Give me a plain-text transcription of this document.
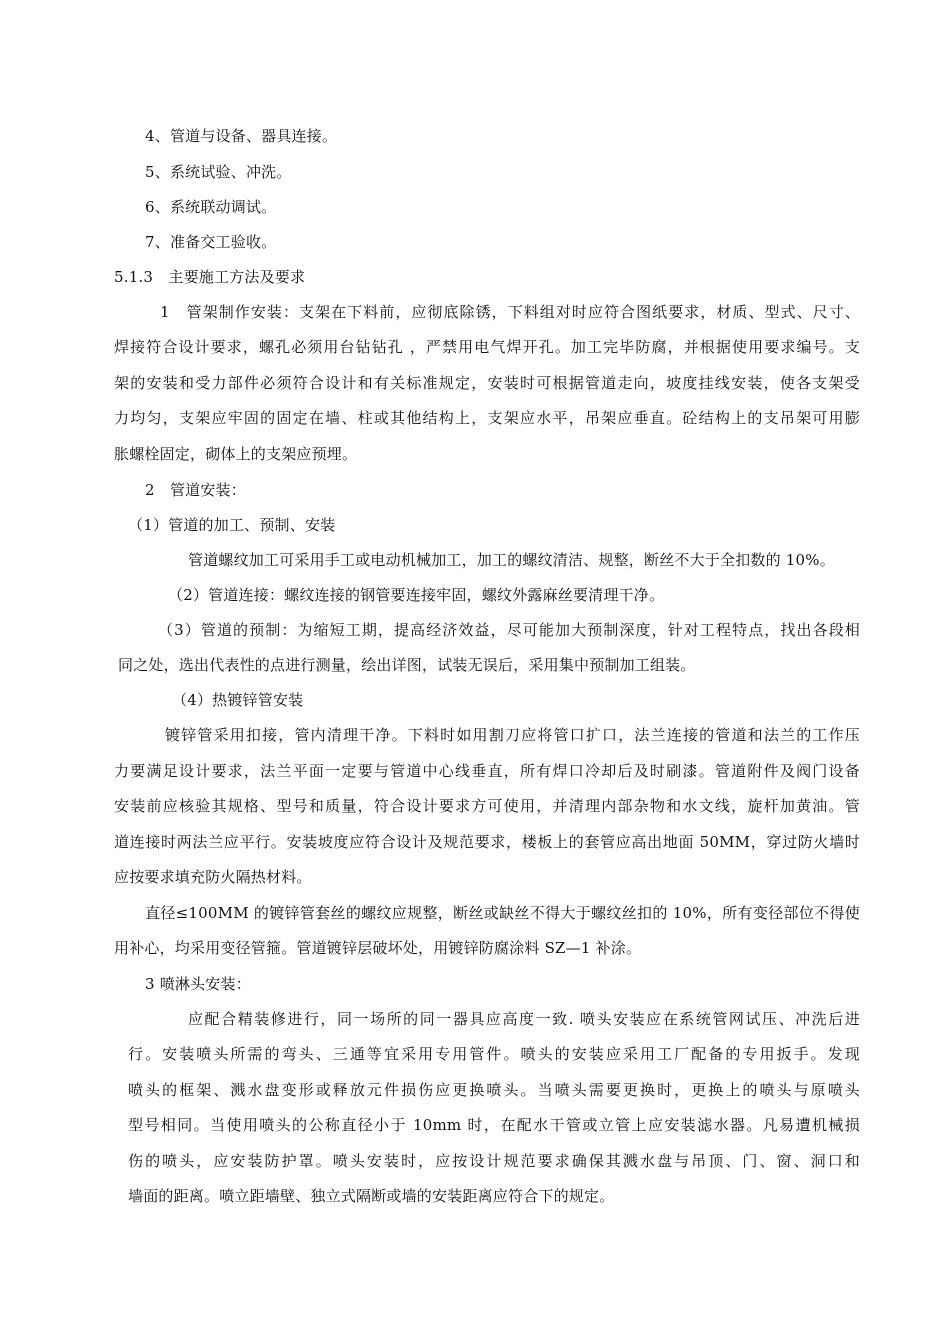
4、管道与设备、器具连接。
5、系统试验、冲洗。
6、系统联动调试。
7、准备交工验收。
5.1.3　主要施工方法及要求
1　管架制作安装：支架在下料前，应彻底除锈，下料组对时应符合图纸要求，材质、型式、尺寸、
焊接符合设计要求，螺孔必须用台钻钻孔 ，严禁用电气焊开孔。加工完毕防腐，并根据使用要求编号。支
架的安装和受力部件必须符合设计和有关标准规定，安装时可根据管道走向，坡度挂线安装，使各支架受
力均匀，支架应牢固的固定在墙、柱或其他结构上，支架应水平，吊架应垂直。砼结构上的支吊架可用膨
胀螺栓固定，砌体上的支架应预埋。
2　管道安装：
（1）管道的加工、预制、安装
管道螺纹加工可采用手工或电动机械加工，加工的螺纹清洁、规整，断丝不大于全扣数的 10%。
（2）管道连接：螺纹连接的钢管要连接牢固，螺纹外露麻丝要清理干净。
（3）管道的预制：为缩短工期，提高经济效益，尽可能加大预制深度，针对工程特点，找出各段相
同之处，选出代表性的点进行测量，绘出详图，试装无误后，采用集中预制加工组装。
（4）热镀锌管安装
镀锌管采用扣接，管内清理干净。下料时如用割刀应将管口扩口，法兰连接的管道和法兰的工作压
力要满足设计要求，法兰平面一定要与管道中心线垂直，所有焊口冷却后及时刷漆。管道附件及阀门设备
安装前应核验其规格、型号和质量，符合设计要求方可使用，并清理内部杂物和水文线，旋杆加黄油。管
道连接时两法兰应平行。安装坡度应符合设计及规范要求，楼板上的套管应高出地面 50MM，穿过防火墙时
应按要求填充防火隔热材料。
直径≤100MM 的镀锌管套丝的螺纹应规整，断丝或缺丝不得大于螺纹丝扣的 10%，所有变径部位不得使
用补心，均采用变径管箍。管道镀锌层破坏处，用镀锌防腐涂料 SZ—1 补涂。
3 喷淋头安装：
应配合精装修进行，同一场所的同一器具应高度一致. 喷头安装应在系统管网试压、冲洗后进
行。安装喷头所需的弯头、三通等宜采用专用管件。喷头的安装应采用工厂配备的专用扳手。发现
喷头的框架、溅水盘变形或释放元件损伤应更换喷头。当喷头需要更换时，更换上的喷头与原喷头
型号相同。当使用喷头的公称直径小于 10mm 时，在配水干管或立管上应安装滤水器。凡易遭机械损
伤的喷头，应安装防护罩。喷头安装时，应按设计规范要求确保其溅水盘与吊顶、门、窗、洞口和
墙面的距离。喷立距墙壁、独立式隔断或墙的安装距离应符合下的规定。
